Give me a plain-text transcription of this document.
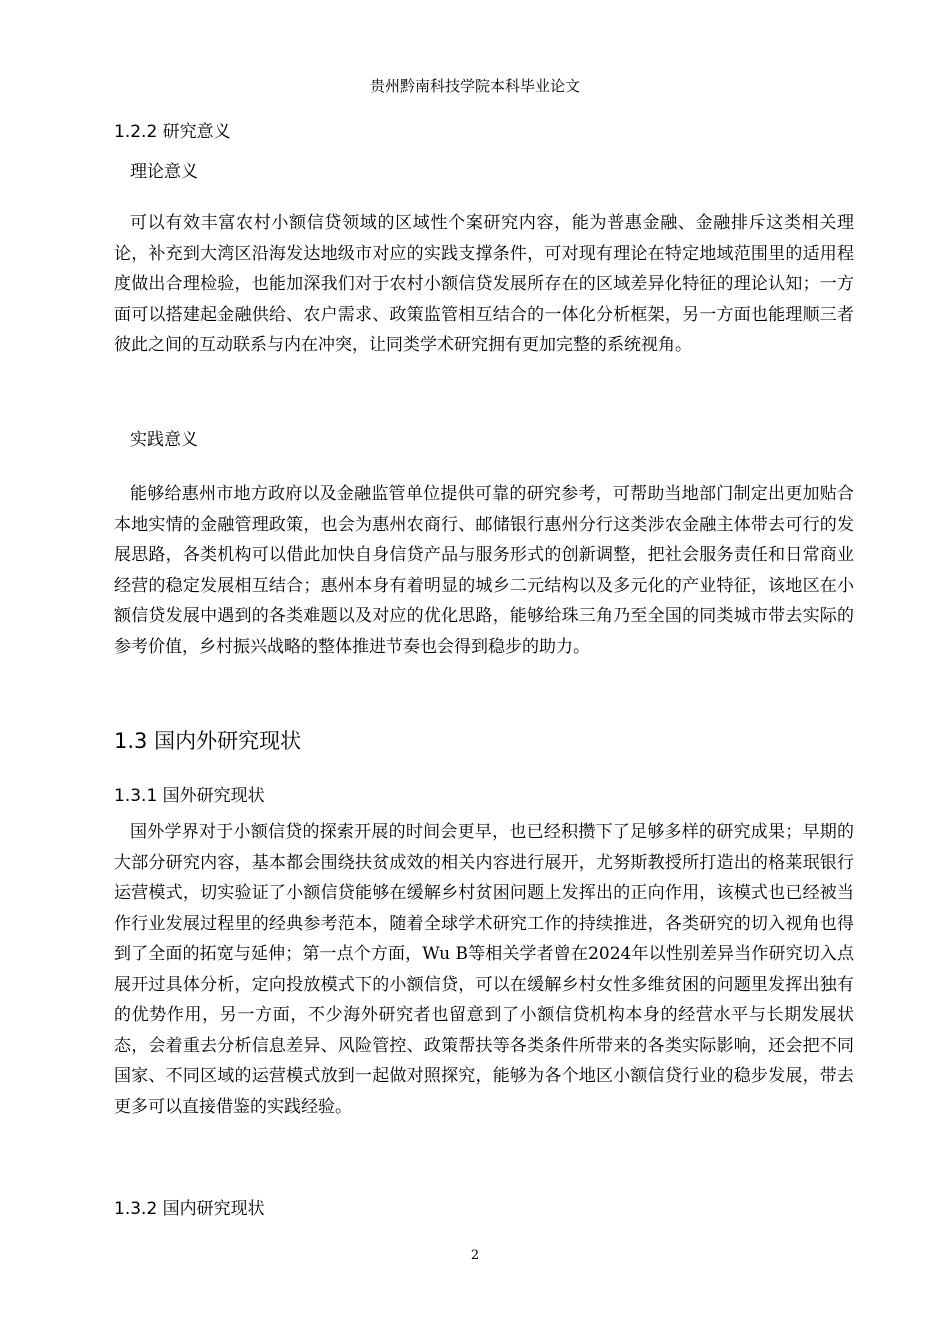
贵州黔南科技学院本科毕业论文
1.2.2 研究意义
理论意义
可以有效丰富农村小额信贷领域的区域性个案研究内容，能为普惠金融、金融排斥这类相关理论，补充到大湾区沿海发达地级市对应的实践支撑条件，可对现有理论在特定地域范围里的适用程度做出合理检验，也能加深我们对于农村小额信贷发展所存在的区域差异化特征的理论认知；一方面可以搭建起金融供给、农户需求、政策监管相互结合的一体化分析框架，另一方面也能理顺三者彼此之间的互动联系与内在冲突，让同类学术研究拥有更加完整的系统视角。
实践意义
能够给惠州市地方政府以及金融监管单位提供可靠的研究参考，可帮助当地部门制定出更加贴合本地实情的金融管理政策，也会为惠州农商行、邮储银行惠州分行这类涉农金融主体带去可行的发展思路，各类机构可以借此加快自身信贷产品与服务形式的创新调整，把社会服务责任和日常商业经营的稳定发展相互结合；惠州本身有着明显的城乡二元结构以及多元化的产业特征，该地区在小额信贷发展中遇到的各类难题以及对应的优化思路，能够给珠三角乃至全国的同类城市带去实际的参考价值，乡村振兴战略的整体推进节奏也会得到稳步的助力。
1.3 国内外研究现状
1.3.1 国外研究现状
国外学界对于小额信贷的探索开展的时间会更早，也已经积攒下了足够多样的研究成果；早期的大部分研究内容，基本都会围绕扶贫成效的相关内容进行展开，尤努斯教授所打造出的格莱珉银行运营模式，切实验证了小额信贷能够在缓解乡村贫困问题上发挥出的正向作用，该模式也已经被当作行业发展过程里的经典参考范本，随着全球学术研究工作的持续推进，各类研究的切入视角也得到了全面的拓宽与延伸；第一点个方面，Wu B等相关学者曾在2024年以性别差异当作研究切入点展开过具体分析，定向投放模式下的小额信贷，可以在缓解乡村女性多维贫困的问题里发挥出独有的优势作用，另一方面，不少海外研究者也留意到了小额信贷机构本身的经营水平与长期发展状态，会着重去分析信息差异、风险管控、政策帮扶等各类条件所带来的各类实际影响，还会把不同国家、不同区域的运营模式放到一起做对照探究，能够为各个地区小额信贷行业的稳步发展，带去更多可以直接借鉴的实践经验。
1.3.2 国内研究现状
2
